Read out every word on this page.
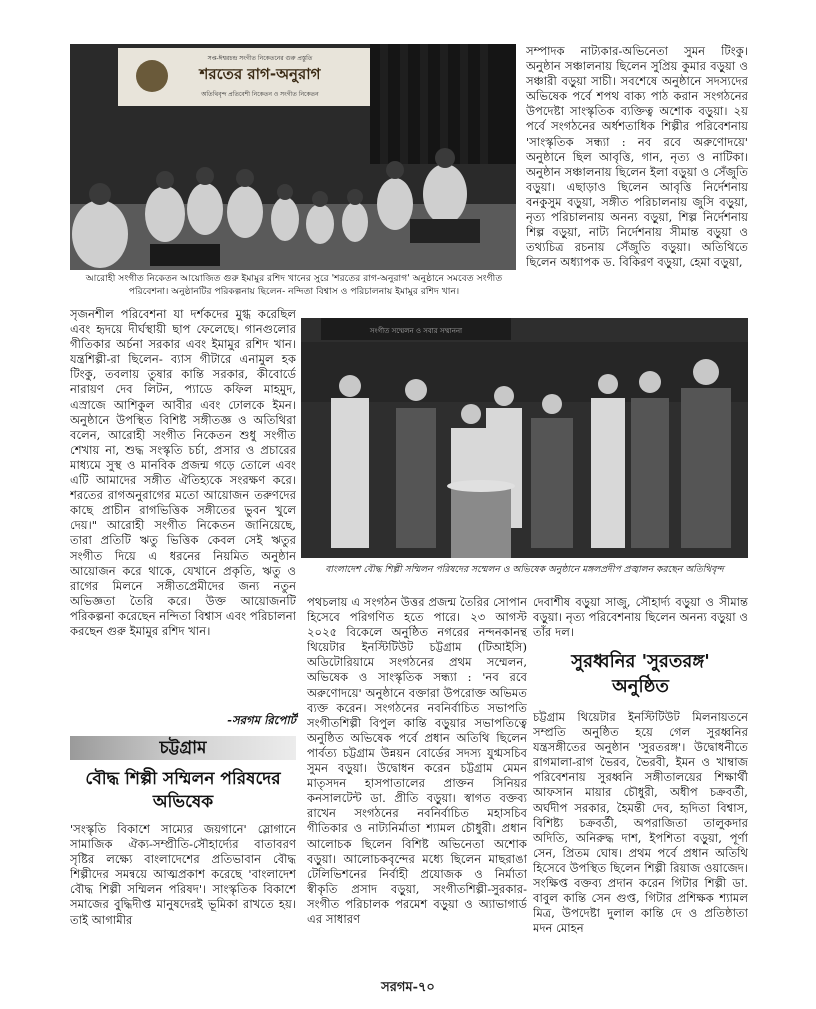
সপ্ত-ঈশ্বরচন্দ্র সংগীত নিকেতনের গুরু প্রস্তুতি
শরতের রাগ-অনুরাগ
অতিথিবৃন্দ প্রতিবেশী নিকেতন ও সংগীত নিকেতন
আরোহী সংগীত নিকেতন আয়োজিত গুরু ইমামুর রশিদ খানের সুরে 'শরতের রাগ-অনুরাগ' অনুষ্ঠানে সমবেত সংগীত পরিবেশনা। অনুষ্ঠানটির পরিকল্পনায় ছিলেন- নন্দিতা বিশ্বাস ও পরিচালনায় ইমামুর রশিদ খান।
সম্পাদক নাট্যকার-অভিনেতা সুমন টিংকু। অনুষ্ঠান সঞ্চালনায় ছিলেন সুপ্রিয় কুমার বড়ুয়া ও সঞ্চারী বড়ুয়া সাচী। সবশেষে অনুষ্ঠানে সদস্যদের অভিষেক পর্বে শপথ বাক্য পাঠ করান সংগঠনের উপদেষ্টা সাংস্কৃতিক ব্যক্তিত্ব অশোক বড়ুয়া। ২য় পর্বে সংগঠনের অর্ধশতাধিক শিল্পীর পরিবেশনায় 'সাংস্কৃতিক সন্ধ্যা : নব রবে অরুণোদয়ে' অনুষ্ঠানে ছিল আবৃত্তি, গান, নৃত্য ও নাটিকা। অনুষ্ঠান সঞ্চালনায় ছিলেন ইলা বড়ুয়া ও সেঁজুতি বড়ুয়া। এছাড়াও ছিলেন আবৃত্তি নির্দেশনায় বনকুসুম বড়ুয়া, সঙ্গীত পরিচালনায় জুসি বড়ুয়া, নৃত্য পরিচালনায় অনন্য বড়ুয়া, শিল্প নির্দেশনায় শিল্প বড়ুয়া, নাট্য নির্দেশনায় সীমান্ত বড়ুয়া ও তথ্যচিত্র রচনায় সেঁজুতি বড়ুয়া। অতিথিতে ছিলেন অধ্যাপক ড. বিকিরণ বড়ুয়া, হেমা বড়ুয়া,
সৃজনশীল পরিবেশনা যা দর্শকদের মুগ্ধ করেছিল এবং হৃদয়ে দীর্ঘস্থায়ী ছাপ ফেলেছে। গানগুলোর গীতিকার অর্চনা সরকার এবং ইমামুর রশিদ খান। যন্ত্রশিল্পী-রা ছিলেন- ব্যাস গীটারে এনামুল হক টিংকু, তবলায় তুষার কান্তি সরকার, কীবোর্ডে নারায়ণ দেব লিটন, প্যাডে কফিল মাহমুদ, এস্রাজে আশিকুল আবীর এবং ঢোলকে ইমন। অনুষ্ঠানে উপস্থিত বিশিষ্ট সঙ্গীতজ্ঞ ও অতিথিরা বলেন, আরোহী সংগীত নিকেতন শুধু সংগীত শেখায় না, শুদ্ধ সংস্কৃতি চর্চা, প্রসার ও প্রচারের মাধ্যমে সুস্থ ও মানবিক প্রজন্ম গড়ে তোলে এবং এটি আমাদের সঙ্গীত ঐতিহ্যকে সংরক্ষণ করে। শরতের রাগঅনুরাগের মতো আয়োজন তরুণদের কাছে প্রাচীন রাগভিত্তিক সঙ্গীতের ভুবন খুলে দেয়।" আরোহী সংগীত নিকেতন জানিয়েছে, তারা প্রতিটি ঋতু ভিত্তিক কেবল সেই ঋতুর সংগীত দিয়ে এ ধরনের নিয়মিত অনুষ্ঠান আয়োজন করে থাকে, যেখানে প্রকৃতি, ঋতু ও রাগের মিলনে সঙ্গীতপ্রেমীদের জন্য নতুন অভিজ্ঞতা তৈরি করে। উক্ত আয়োজনটি পরিকল্পনা করেছেন নন্দিতা বিশ্বাস এবং পরিচালনা করছেন গুরু ইমামুর রশিদ খান।
-সরগম রিপোর্ট
সংগীত সম্মেলন ও সবার সম্মাননা
বাংলাদেশ বৌদ্ধ শিল্পী সম্মিলন পরিষদের সম্মেলন ও অভিষেক অনুষ্ঠানে মঙ্গলপ্রদীপ প্রজ্বালন করছেন অতিথিবৃন্দ
চট্টগ্রাম
বৌদ্ধ শিল্পী সম্মিলন পরিষদের অভিষেক
'সংস্কৃতি বিকাশে সাম্যের জয়গানে' স্লোগানে সামাজিক ঐক্য-সম্প্রীতি-সৌহার্দ্যের বাতাবরণ সৃষ্টির লক্ষ্যে বাংলাদেশের প্রতিভাবান বৌদ্ধ শিল্পীদের সমন্বয়ে আত্মপ্রকাশ করেছে 'বাংলাদেশ বৌদ্ধ শিল্পী সম্মিলন পরিষদ'। সাংস্কৃতিক বিকাশে সমাজের বুদ্ধিদীপ্ত মানুষদেরই ভূমিকা রাখতে হয়। তাই আগামীর
পথচলায় এ সংগঠন উত্তর প্রজন্ম তৈরির সোপান হিসেবে পরিগণিত হতে পারে। ২৩ আগস্ট ২০২৫ বিকেলে অনুষ্ঠিত নগরের নন্দনকানন্থ থিয়েটার ইনস্টিটিউট চট্টগ্রাম (টিআইসি) অডিটোরিয়ামে সংগঠনের প্রথম সম্মেলন, অভিষেক ও সাংস্কৃতিক সন্ধ্যা : 'নব রবে অরুণোদয়ে' অনুষ্ঠানে বক্তারা উপরোক্ত অভিমত ব্যক্ত করেন। সংগঠনের নবনির্বাচিত সভাপতি সংগীতশিল্পী বিপুল কান্তি বড়ুয়ার সভাপতিত্বে অনুষ্ঠিত অভিষেক পর্বে প্রধান অতিথি ছিলেন পার্বত্য চট্টগ্রাম উন্নয়ন বোর্ডের সদস্য যুগ্মসচিব সুমন বড়ুয়া। উদ্বোধন করেন চট্টগ্রাম মেমন মাতৃসদন হাসপাতালের প্রাক্তন সিনিয়র কনসালটেন্ট ডা. প্রীতি বড়ুয়া। স্বাগত বক্তব্য রাখেন সংগঠনের নবনির্বাচিত মহাসচিব গীতিকার ও নাট্যনির্মাতা শ্যামল চৌধুরী। প্রধান আলোচক ছিলেন বিশিষ্ট অভিনেতা অশোক বড়ুয়া। আলোচকবৃন্দের মধ্যে ছিলেন মাছরাঙা টেলিভিশনের নির্বাহী প্রযোজক ও নির্মাতা স্বীকৃতি প্রসাদ বড়ুয়া, সংগীতশিল্পী-সুরকার-সংগীত পরিচালক পরমেশ বড়ুয়া ও অ্যাভাগার্ড এর সাধারণ
দেবাশীষ বড়ুয়া সাজু, সৌহার্দ্য বড়ুয়া ও সীমান্ত বড়ুয়া। নৃত্য পরিবেশনায় ছিলেন অনন্য বড়ুয়া ও তাঁর দল।
সুরধ্বনির 'সুরতরঙ্গ'
অনুষ্ঠিত
চট্টগ্রাম থিয়েটার ইনস্টিটিউট মিলনায়তনে সম্প্রতি অনুষ্ঠিত হয়ে গেল সুরধ্বনির যন্ত্রসঙ্গীতের অনুষ্ঠান 'সুরতরঙ্গ'। উদ্বোধনীতে রাগমালা-রাগ ভৈরব, ভৈরবী, ইমন ও খাম্বাজ পরিবেশনায় সুরধ্বনি সঙ্গীতালয়ের শিক্ষার্থী আফসান মায়ার চৌধুরী, অধীপ চক্রবর্তী, অর্ঘদীপ সরকার, হৈমন্তী দেব, হৃদিতা বিশ্বাস, বিশিষ্ট্য চক্রবর্তী, অপরাজিতা তালুকদার অদিতি, অনিরুদ্ধ দাশ, ইপশিতা বড়ুয়া, পূর্ণা সেন, প্রিতম ঘোষ। প্রথম পর্বে প্রধান অতিথি হিসেবে উপস্থিত ছিলেন শিল্পী রিয়াজ ওয়াজেদ। সংক্ষিপ্ত বক্তব্য প্রদান করেন গিটার শিল্পী ডা. বাবুল কান্তি সেন গুপ্ত, গিটার প্রশিক্ষক শ্যামল মিত্র, উপদেষ্টা দুলাল কান্তি দে ও প্রতিষ্ঠাতা মদন মোহন
সরগম-৭০
